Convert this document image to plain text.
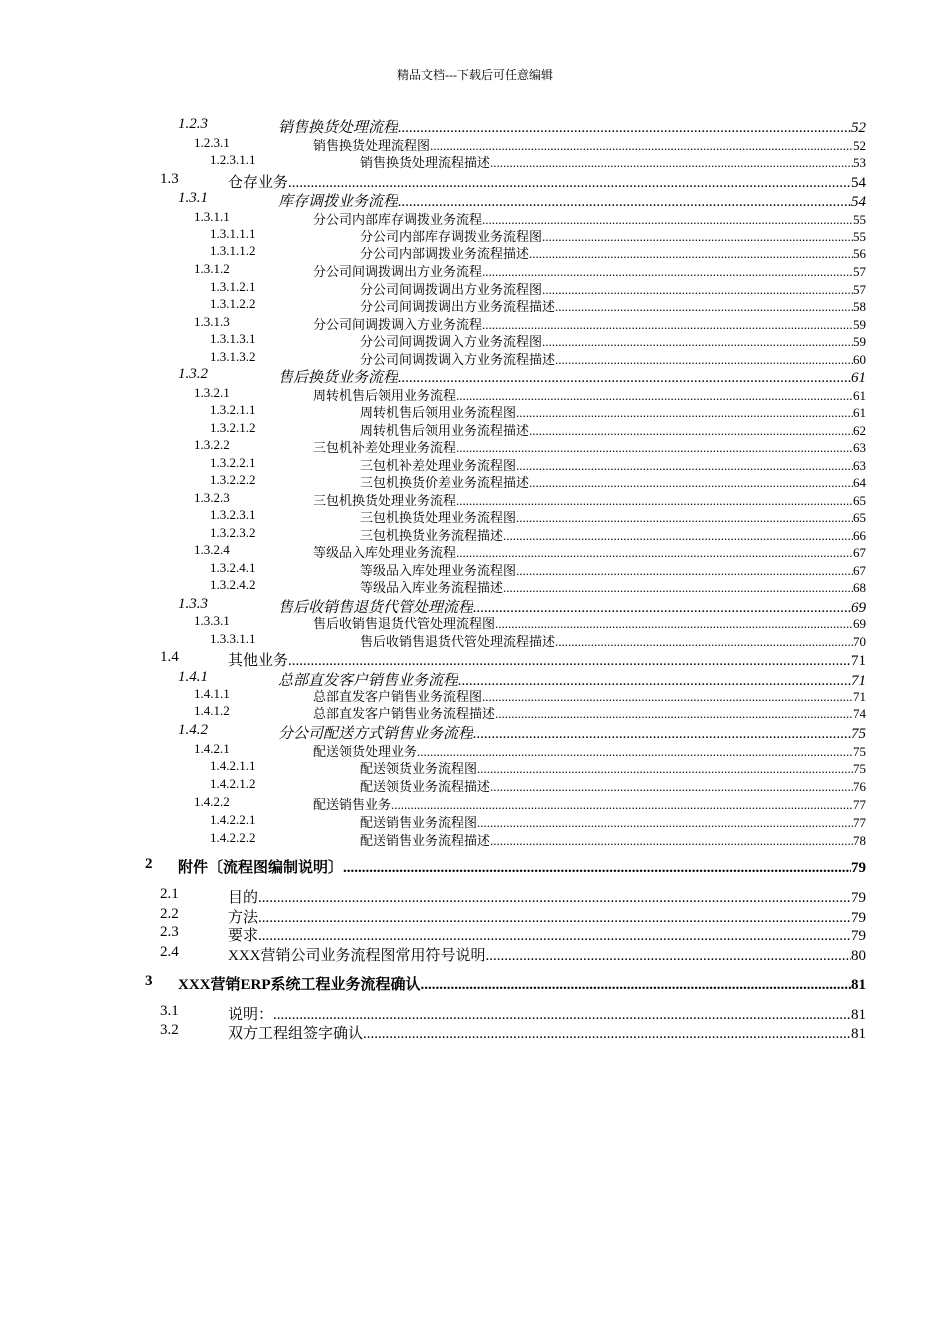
精品文档---下载后可任意编辑
1.2.3	销售换货处理流程 .....	52
1.2.3.1	销售换货处理流程图 .....	52
1.2.3.1.1	销售换货处理流程描述 .....	53
1.3	仓存业务 .....	54
1.3.1	库存调拨业务流程 .....	54
1.3.1.1	分公司内部库存调拨业务流程 .....	55
1.3.1.1.1	分公司内部库存调拨业务流程图 .....	55
1.3.1.1.2	分公司内部调拨业务流程描述 .....	56
1.3.1.2	分公司间调拨调出方业务流程 .....	57
1.3.1.2.1	分公司间调拨调出方业务流程图 .....	57
1.3.1.2.2	分公司间调拨调出方业务流程描述 .....	58
1.3.1.3	分公司间调拨调入方业务流程 .....	59
1.3.1.3.1	分公司间调拨调入方业务流程图 .....	59
1.3.1.3.2	分公司间调拨调入方业务流程描述 .....	60
1.3.2	售后换货业务流程 .....	61
1.3.2.1	周转机售后领用业务流程 .....	61
1.3.2.1.1	周转机售后领用业务流程图 .....	61
1.3.2.1.2	周转机售后领用业务流程描述 .....	62
1.3.2.2	三包机补差处理业务流程 .....	63
1.3.2.2.1	三包机补差处理业务流程图 .....	63
1.3.2.2.2	三包机换货价差业务流程描述 .....	64
1.3.2.3	三包机换货处理业务流程 .....	65
1.3.2.3.1	三包机换货处理业务流程图 .....	65
1.3.2.3.2	三包机换货业务流程描述 .....	66
1.3.2.4	等级品入库处理业务流程 .....	67
1.3.2.4.1	等级品入库处理业务流程图 .....	67
1.3.2.4.2	等级品入库业务流程描述 .....	68
1.3.3	售后收销售退货代管处理流程 .....	69
1.3.3.1	售后收销售退货代管处理流程图 .....	69
1.3.3.1.1	售后收销售退货代管处理流程描述 .....	70
1.4	其他业务 .....	71
1.4.1	总部直发客户销售业务流程 .....	71
1.4.1.1	总部直发客户销售业务流程图 .....	71
1.4.1.2	总部直发客户销售业务流程描述 .....	74
1.4.2	分公司配送方式销售业务流程 .....	75
1.4.2.1	配送领货处理业务 .....	75
1.4.2.1.1	配送领货业务流程图 .....	75
1.4.2.1.2	配送领货业务流程描述 .....	76
1.4.2.2	配送销售业务 .....	77
1.4.2.2.1	配送销售业务流程图 .....	77
1.4.2.2.2	配送销售业务流程描述 .....	78
2 附件〔流程图编制说明〕 .....	79
2.1	目的 .....	79
2.2	方法 .....	79
2.3	要求 .....	79
2.4	XXX营销公司业务流程图常用符号说明 .....	80
3 XXX营销ERP系统工程业务流程确认 .....	81
3.1	说明： .....	81
3.2	双方工程组签字确认 .....	81
